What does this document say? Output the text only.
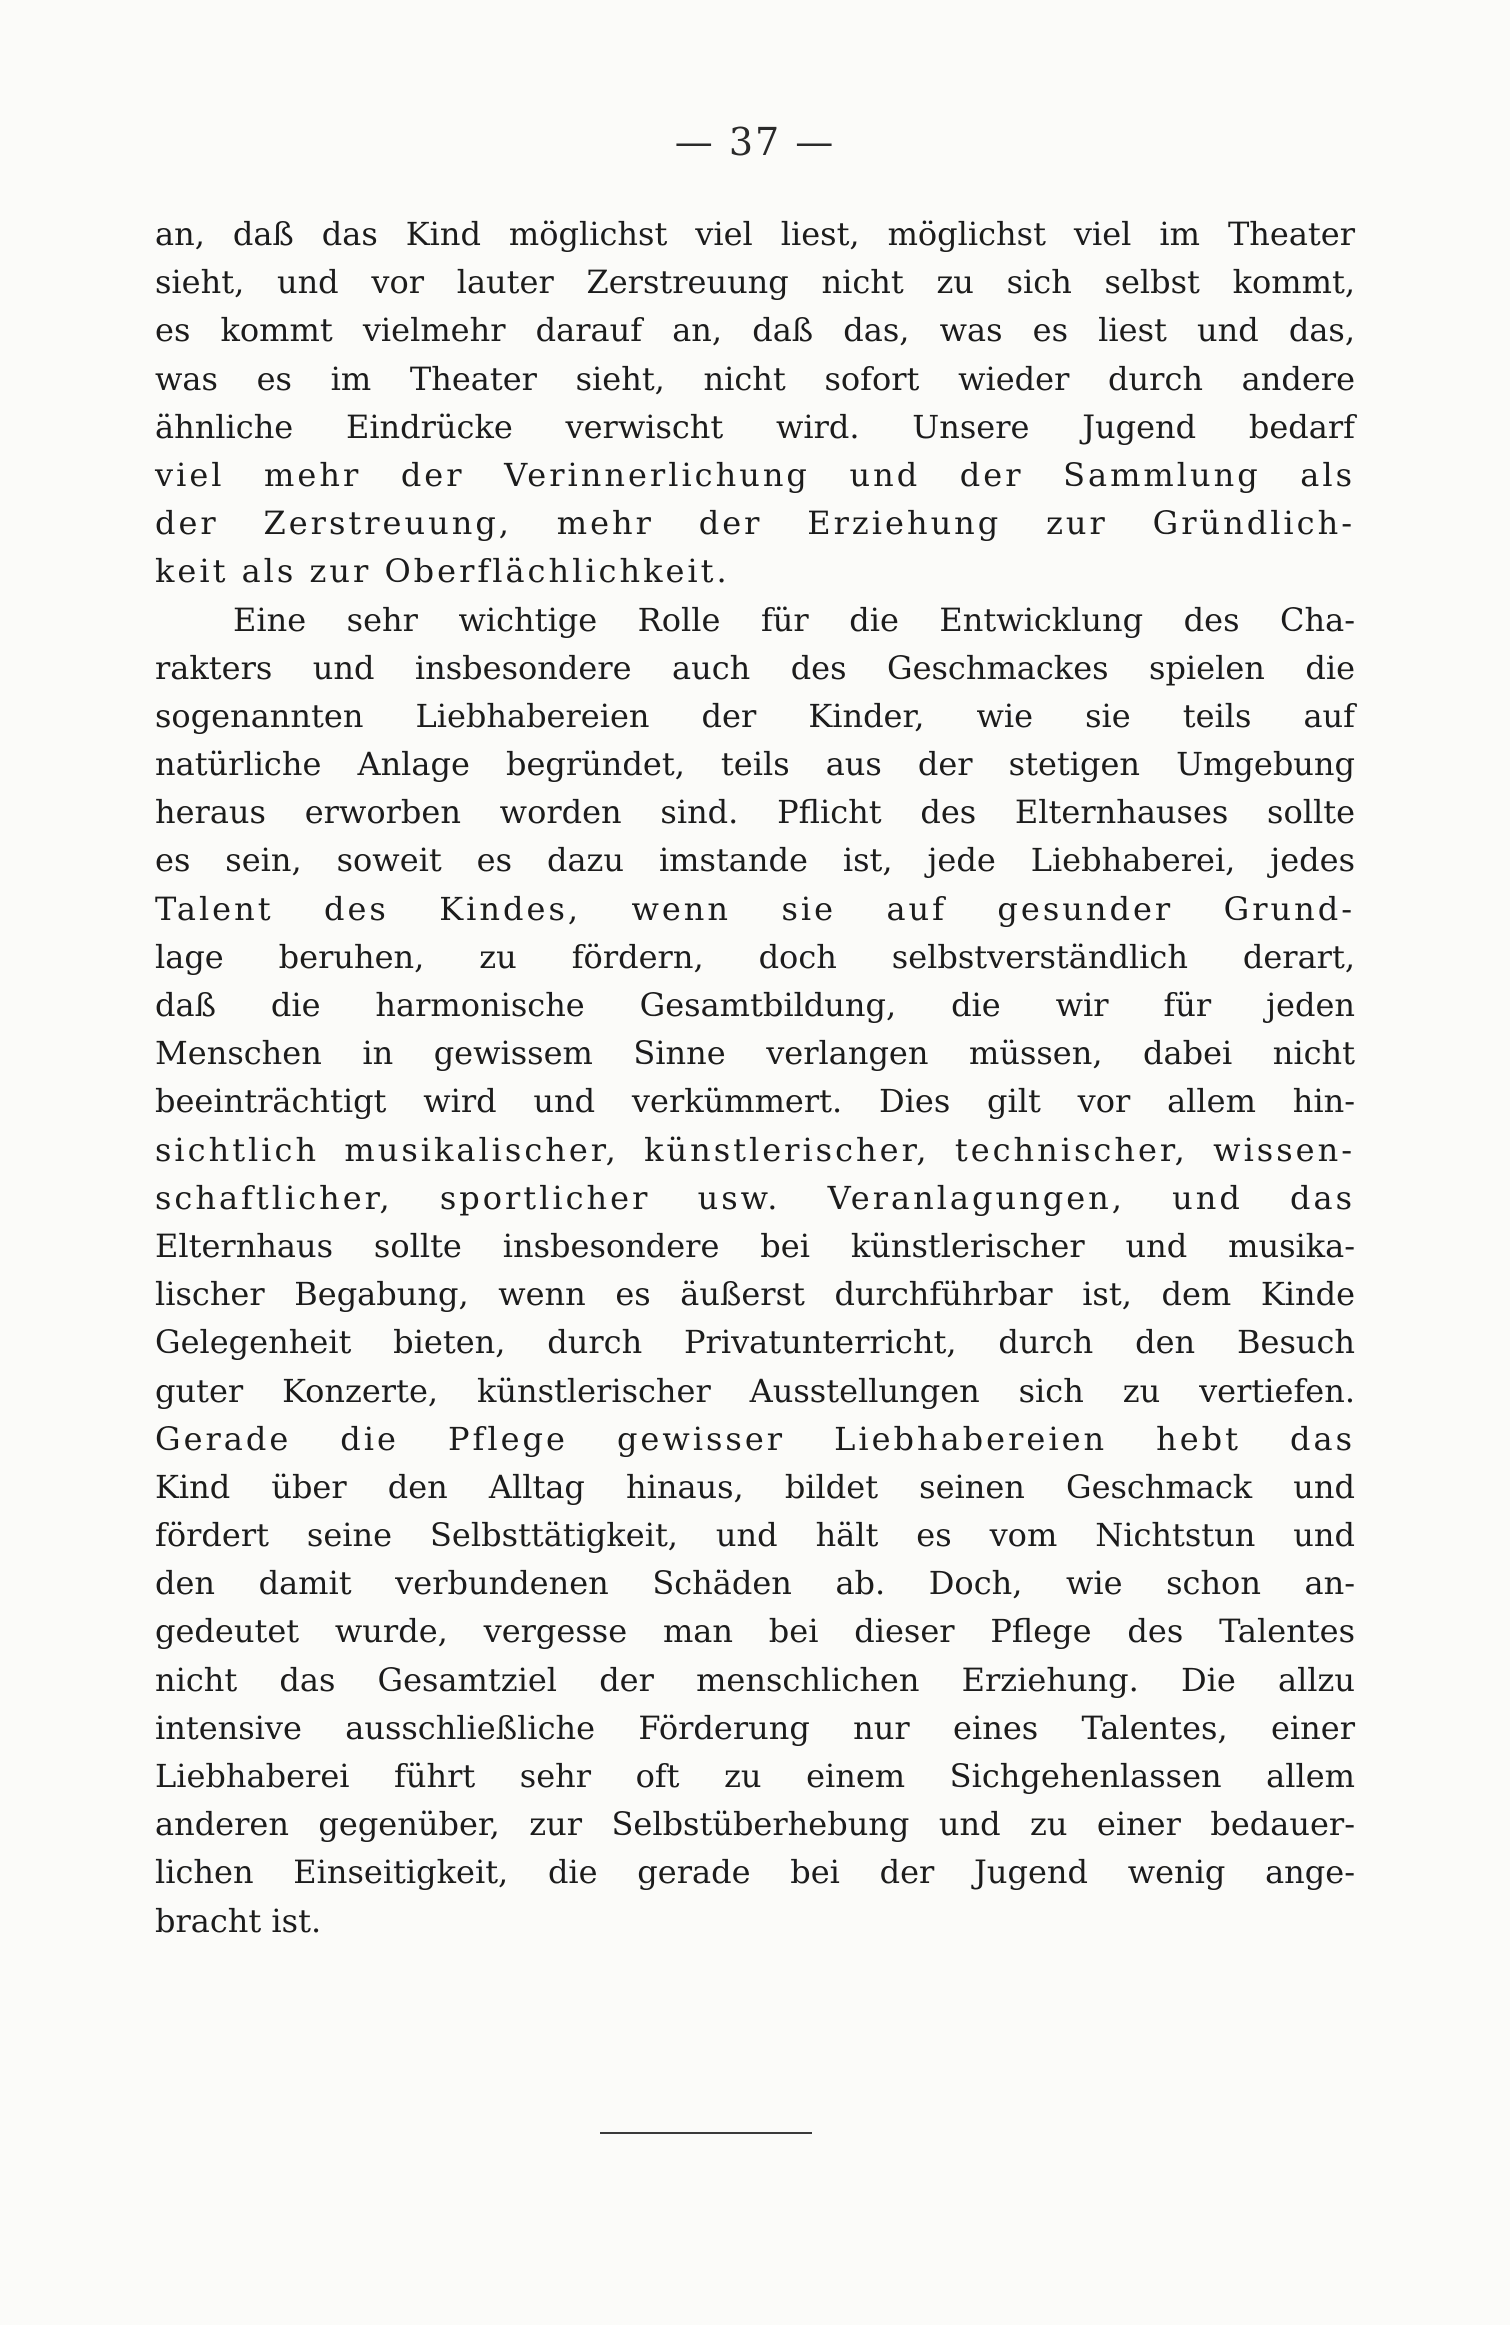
— 37 —
an, daß das Kind möglichst viel liest, möglichst viel im Theater
sieht, und vor lauter Zerstreuung nicht zu sich selbst kommt,
es kommt vielmehr darauf an, daß das, was es liest und das,
was es im Theater sieht, nicht sofort wieder durch andere
ähnliche Eindrücke verwischt wird. Unsere Jugend bedarf
viel mehr der Verinnerlichung und der Sammlung als
der Zerstreuung, mehr der Erziehung zur Gründlich-
keit als zur Oberflächlichkeit.
Eine sehr wichtige Rolle für die Entwicklung des Cha-
rakters und insbesondere auch des Geschmackes spielen die
sogenannten Liebhabereien der Kinder, wie sie teils auf
natürliche Anlage begründet, teils aus der stetigen Umgebung
heraus erworben worden sind. Pflicht des Elternhauses sollte
es sein, soweit es dazu imstande ist, jede Liebhaberei, jedes
Talent des Kindes, wenn sie auf gesunder Grund-
lage beruhen, zu fördern, doch selbstverständlich derart,
daß die harmonische Gesamtbildung, die wir für jeden
Menschen in gewissem Sinne verlangen müssen, dabei nicht
beeinträchtigt wird und verkümmert. Dies gilt vor allem hin-
sichtlich musikalischer, künstlerischer, technischer, wissen-
schaftlicher, sportlicher usw. Veranlagungen, und das
Elternhaus sollte insbesondere bei künstlerischer und musika-
lischer Begabung, wenn es äußerst durchführbar ist, dem Kinde
Gelegenheit bieten, durch Privatunterricht, durch den Besuch
guter Konzerte, künstlerischer Ausstellungen sich zu vertiefen.
Gerade die Pflege gewisser Liebhabereien hebt das
Kind über den Alltag hinaus, bildet seinen Geschmack und
fördert seine Selbsttätigkeit, und hält es vom Nichtstun und
den damit verbundenen Schäden ab. Doch, wie schon an-
gedeutet wurde, vergesse man bei dieser Pflege des Talentes
nicht das Gesamtziel der menschlichen Erziehung. Die allzu
intensive ausschließliche Förderung nur eines Talentes, einer
Liebhaberei führt sehr oft zu einem Sichgehenlassen allem
anderen gegenüber, zur Selbstüberhebung und zu einer bedauer-
lichen Einseitigkeit, die gerade bei der Jugend wenig ange-
bracht ist.
